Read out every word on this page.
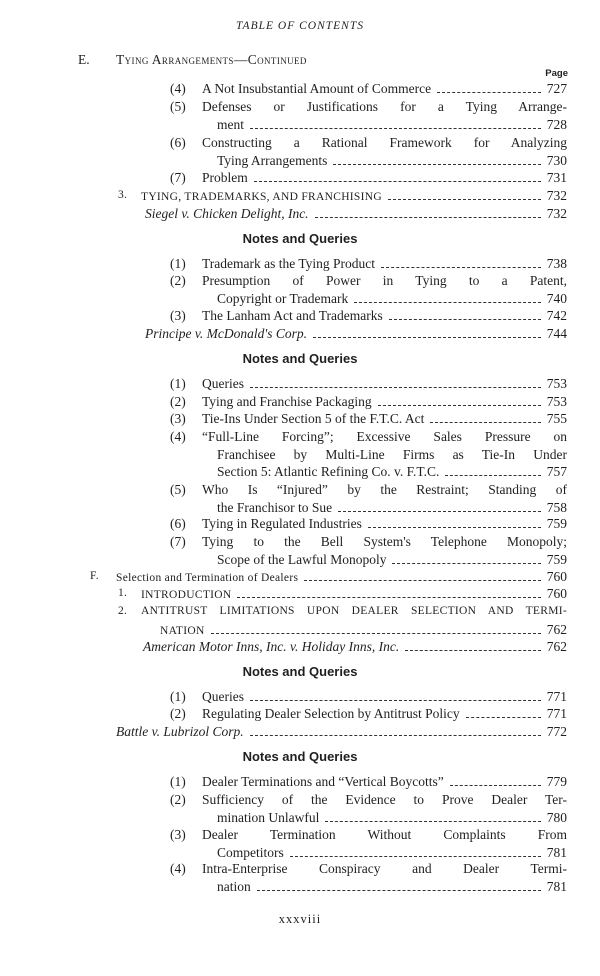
TABLE OF CONTENTS
E. Tying Arrangements—Continued
Page
(4) A Not Insubstantial Amount of Commerce	727
(5) Defenses or Justifications for a Tying Arrange-
ment	728
(6) Constructing a Rational Framework for Analyzing
Tying Arrangements	730
(7) Problem	731
3. TYING, TRADEMARKS, AND FRANCHISING	732
Siegel v. Chicken Delight, Inc.	732
(1) Trademark as the Tying Product	738
(2) Presumption of Power in Tying to a Patent,
Copyright or Trademark	740
(3) The Lanham Act and Trademarks	742
Principe v. McDonald's Corp.	744
(1) Queries	753
(2) Tying and Franchise Packaging	753
(3) Tie-Ins Under Section 5 of the F.T.C. Act	755
(4) “Full-Line Forcing”; Excessive Sales Pressure on
Franchisee by Multi-Line Firms as Tie-In Under
Section 5: Atlantic Refining Co. v. F.T.C.	757
(5) Who Is “Injured” by the Restraint; Standing of
the Franchisor to Sue	758
(6) Tying in Regulated Industries	759
(7) Tying to the Bell System's Telephone Monopoly;
Scope of the Lawful Monopoly	759
F. Selection and Termination of Dealers	760
1. INTRODUCTION	760
2. ANTITRUST LIMITATIONS UPON DEALER SELECTION AND TERMI-
NATION	762
American Motor Inns, Inc. v. Holiday Inns, Inc.	762
(1) Queries	771
(2) Regulating Dealer Selection by Antitrust Policy	771
Battle v. Lubrizol Corp.	772
(1) Dealer Terminations and “Vertical Boycotts”	779
(2) Sufficiency of the Evidence to Prove Dealer Ter-
mination Unlawful	780
(3) Dealer Termination Without Complaints From
Competitors	781
(4) Intra-Enterprise Conspiracy and Dealer Termi-
nation	781
Notes and Queries
Notes and Queries
Notes and Queries
Notes and Queries
xxxviii
